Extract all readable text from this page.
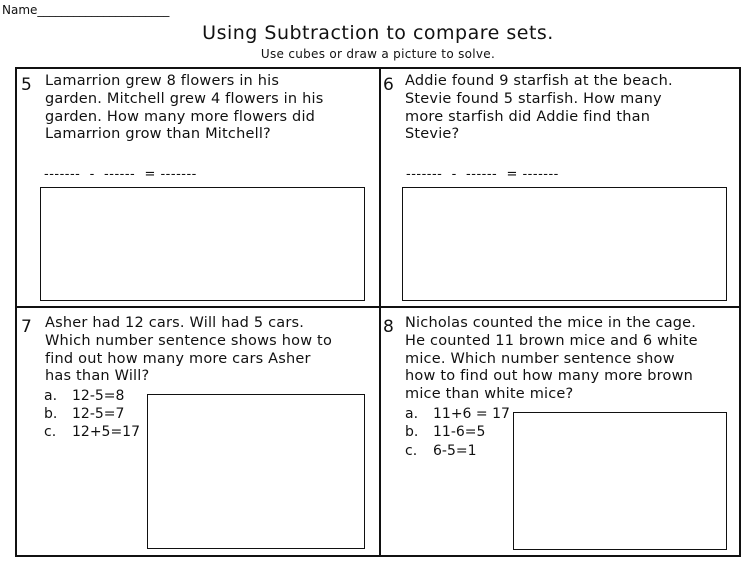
Name______________________
Using Subtraction to compare sets.
Use cubes or draw a picture to solve.
5 Lamarrion grew 8 flowers in his
garden. Mitchell grew 4 flowers in his
garden. How many more flowers did
Lamarrion grow than Mitchell?
-------  -  ------  = -------
6 Addie found 9 starfish at the beach.
Stevie found 5 starfish. How many
more starfish did Addie find than
Stevie?
-------  -  ------  = -------
7 Asher had 12 cars. Will had 5 cars.
Which number sentence shows how to
find out how many more cars Asher
has than Will?
a. 12-5=8
b. 12-5=7
c. 12+5=17
8 Nicholas counted the mice in the cage.
He counted 11 brown mice and 6 white
mice. Which number sentence show
how to find out how many more brown
mice than white mice?
a. 11+6 = 17
b. 11-6=5
c. 6-5=1
